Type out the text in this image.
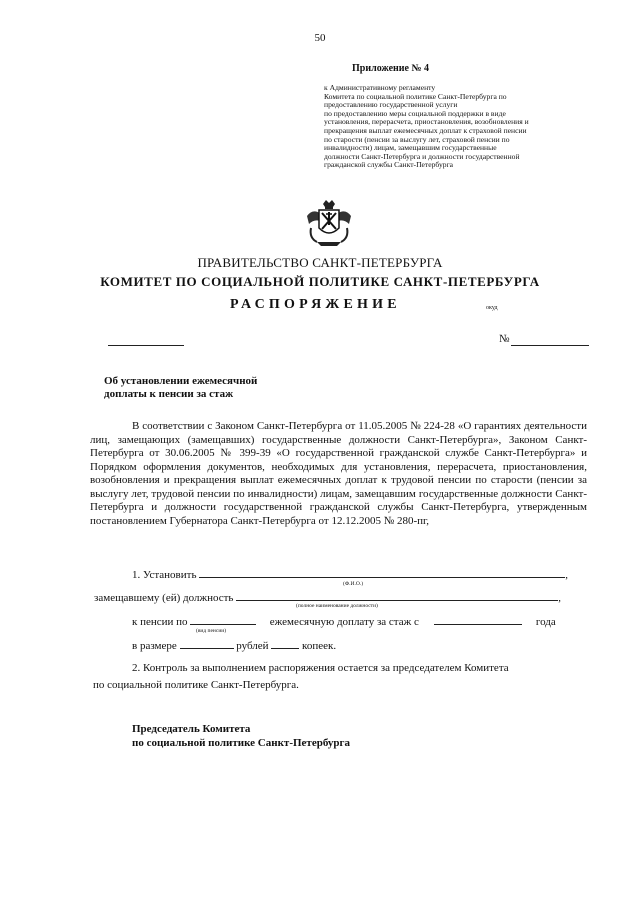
50
Приложение № 4
к Административному регламенту
Комитета по социальной политике Санкт-Петербурга по
предоставлению государственной услуги
по предоставлению меры социальной поддержки в виде
установления, перерасчета, приостановления, возобновления и
прекращения выплат ежемесячных доплат к страховой пенсии
по старости (пенсии за выслугу лет, страховой пенсии по
инвалидности) лицам, замещавшим государственные
должности Санкт-Петербурга и должности государственной
гражданской службы Санкт-Петербурга
ПРАВИТЕЛЬСТВО САНКТ-ПЕТЕРБУРГА
КОМИТЕТ ПО СОЦИАЛЬНОЙ ПОЛИТИКЕ САНКТ-ПЕТЕРБУРГА
РАСПОРЯЖЕНИЕ	окуд
№
Об установлении ежемесячной
доплаты к пенсии за стаж

В соответствии с Законом Санкт-Петербурга от 11.05.2005 № 224-28 «О гарантиях деятельности лиц, замещающих (замещавших) государственные должности Санкт-Петербурга», Законом Санкт-Петербурга от 30.06.2005 № 399-39 «О государственной гражданской службе Санкт-Петербурга» и Порядком оформления документов, необходимых для установления, перерасчета, приостановления, возобновления и прекращения выплат ежемесячных доплат к трудовой пенсии по старости (пенсии за выслугу лет, трудовой пенсии по инвалидности) лицам, замещавшим государственные должности Санкт-Петербурга и должности государственной гражданской службы Санкт-Петербурга, утвержденным постановлением Губернатора Санкт-Петербурга от 12.12.2005 № 280-пг,

1. Установить	,
(Ф.И.О.)
замещавшему (ей) должность	,
(полное наименование должности)
к пенсии по	ежемесячную доплату за стаж с	года
(вид пенсии)
в размере	рублей	копеек.
2. Контроль за выполнением распоряжения остается за председателем Комитета
по социальной политике Санкт-Петербурга.
Председатель Комитета
по социальной политике Санкт-Петербурга
